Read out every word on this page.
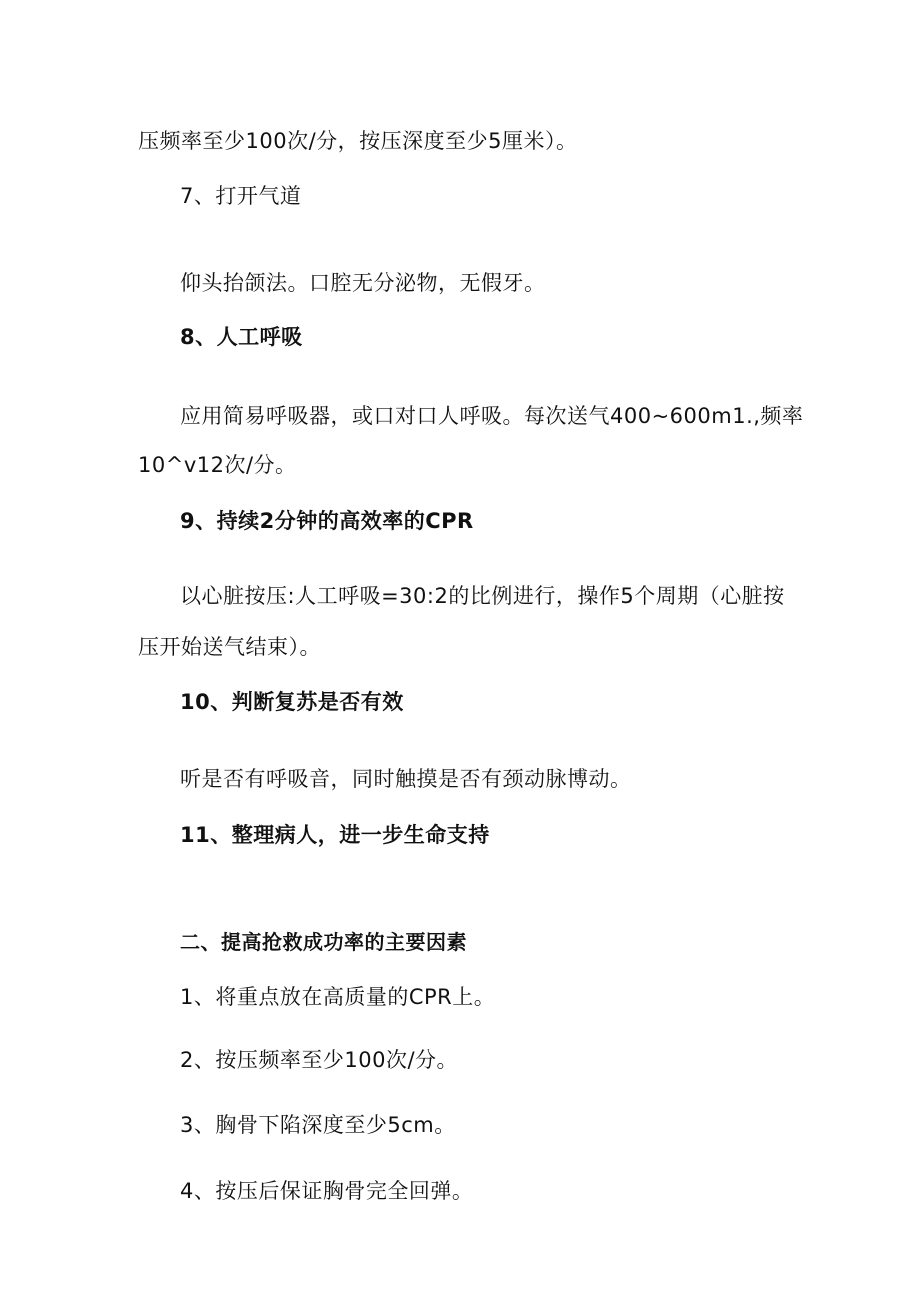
压频率至少100次/分，按压深度至少5厘米）。
7、打开气道
仰头抬颌法。口腔无分泌物，无假牙。
8、人工呼吸
应用简易呼吸器，或口对口人呼吸。每次送气400~600m1.,频率
10^v12次/分。
9、持续2分钟的高效率的CPR
以心脏按压:人工呼吸=30:2的比例进行，操作5个周期（心脏按
压开始送气结束）。
10、判断复苏是否有效
听是否有呼吸音，同时触摸是否有颈动脉博动。
11、整理病人，进一步生命支持
二、提高抢救成功率的主要因素
1、将重点放在高质量的CPR上。
2、按压频率至少100次/分。
3、胸骨下陷深度至少5cm。
4、按压后保证胸骨完全回弹。
